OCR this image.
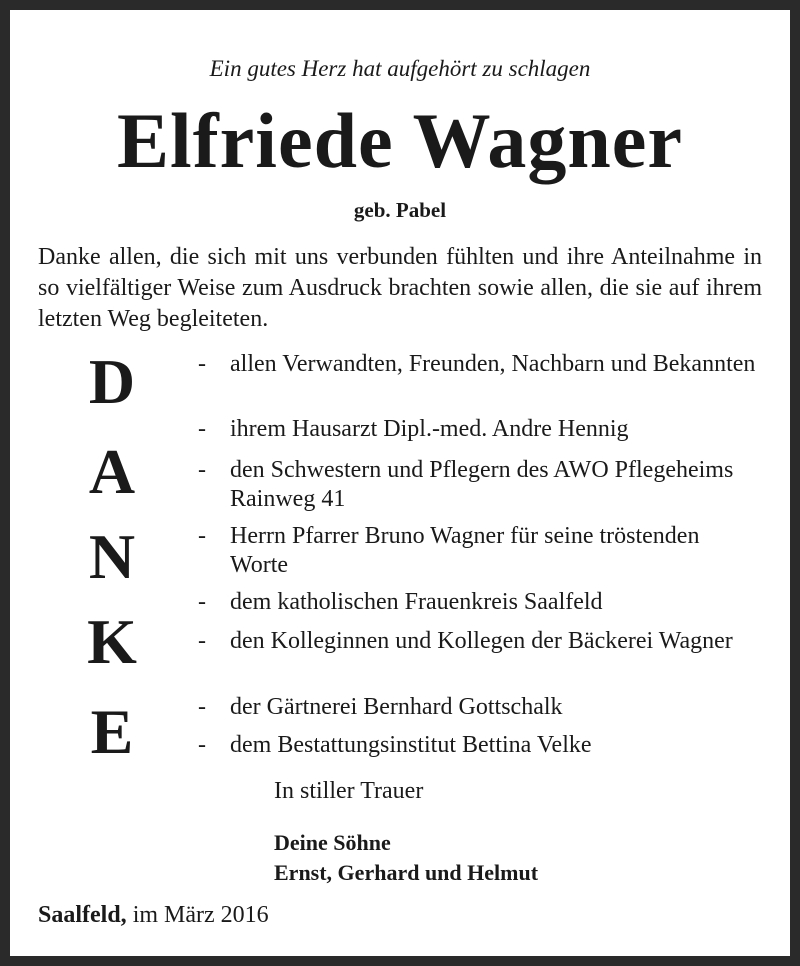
Ein gutes Herz hat aufgehört zu schlagen
Elfriede Wagner
geb. Pabel

Danke allen, die sich mit uns verbunden fühlten und ihre Anteilnahme in so vielfältiger Weise zum Ausdruck brachten sowie allen, die sie auf ihrem letzten Weg begleiteten.

D
A
N
K
E
-	allen Verwandten, Freunden, Nachbarn und Bekannten
-	ihrem Hausarzt Dipl.-med. Andre Hennig
-	den Schwestern und Pflegern des AWO Pflegeheims Rainweg 41
-	Herrn Pfarrer Bruno Wagner für seine tröstenden Worte
-	dem katholischen Frauenkreis Saalfeld
-	den Kolleginnen und Kollegen der Bäckerei Wagner
-	der Gärtnerei Bernhard Gottschalk
-	dem Bestattungsinstitut Bettina Velke
In stiller Trauer
Deine Söhne
Ernst, Gerhard und Helmut
Saalfeld, im März 2016
